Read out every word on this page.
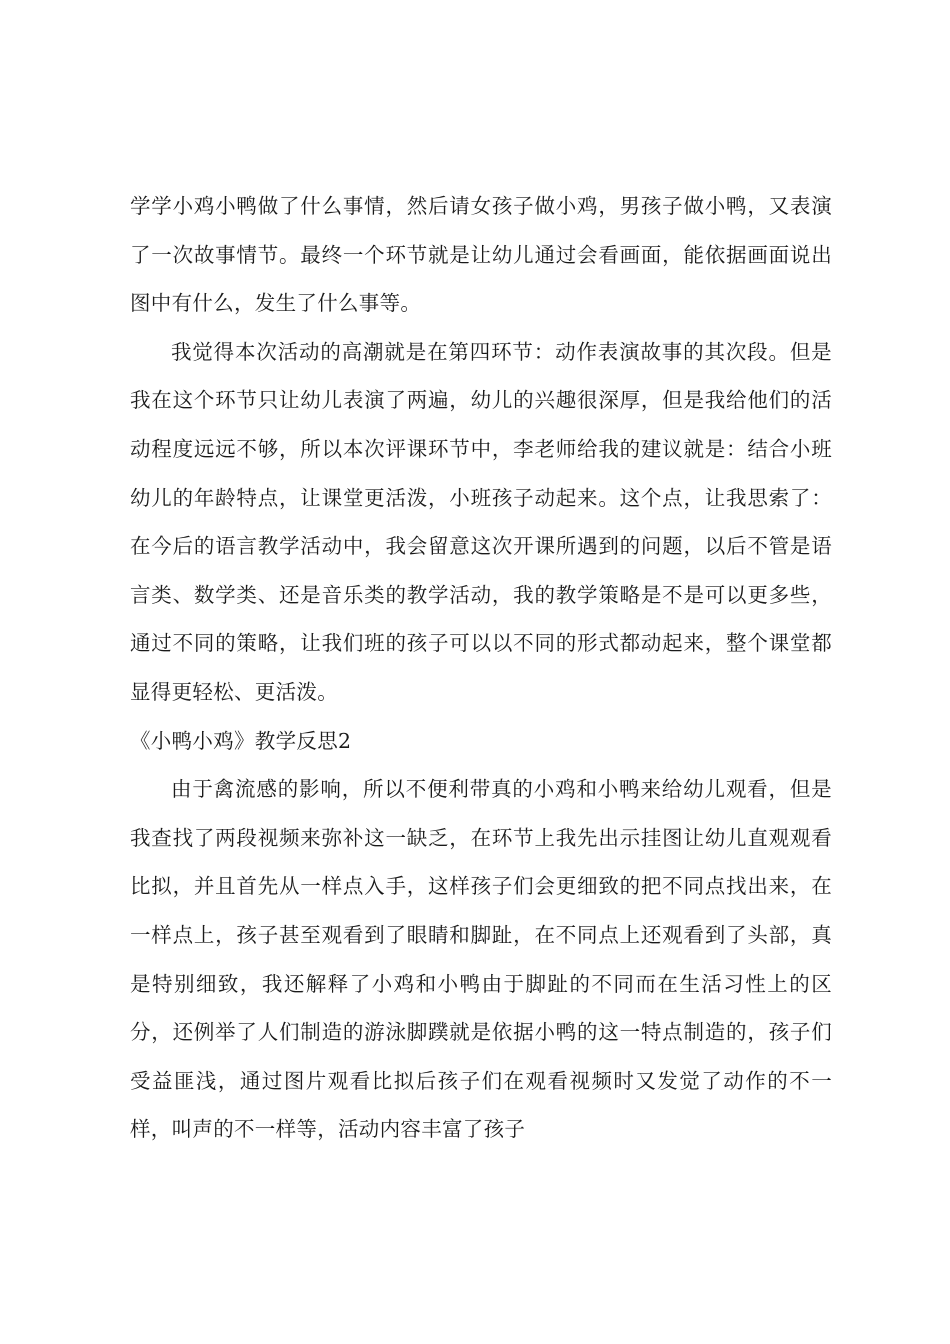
学学小鸡小鸭做了什么事情，然后请女孩子做小鸡，男孩子做小鸭，又表演了一次故事情节。最终一个环节就是让幼儿通过会看画面，能依据画面说出图中有什么，发生了什么事等。

我觉得本次活动的高潮就是在第四环节：动作表演故事的其次段。但是我在这个环节只让幼儿表演了两遍，幼儿的兴趣很深厚，但是我给他们的活动程度远远不够，所以本次评课环节中，李老师给我的建议就是：结合小班幼儿的年龄特点，让课堂更活泼，小班孩子动起来。这个点，让我思索了：在今后的语言教学活动中，我会留意这次开课所遇到的问题，以后不管是语言类、数学类、还是音乐类的教学活动，我的教学策略是不是可以更多些，通过不同的策略，让我们班的孩子可以以不同的形式都动起来，整个课堂都显得更轻松、更活泼。

《小鸭小鸡》教学反思2

由于禽流感的影响，所以不便利带真的小鸡和小鸭来给幼儿观看，但是我查找了两段视频来弥补这一缺乏，在环节上我先出示挂图让幼儿直观观看比拟，并且首先从一样点入手，这样孩子们会更细致的把不同点找出来，在一样点上，孩子甚至观看到了眼睛和脚趾，在不同点上还观看到了头部，真是特别细致，我还解释了小鸡和小鸭由于脚趾的不同而在生活习性上的区分，还例举了人们制造的游泳脚蹼就是依据小鸭的这一特点制造的，孩子们受益匪浅，通过图片观看比拟后孩子们在观看视频时又发觉了动作的不一样，叫声的不一样等，活动内容丰富了孩子
